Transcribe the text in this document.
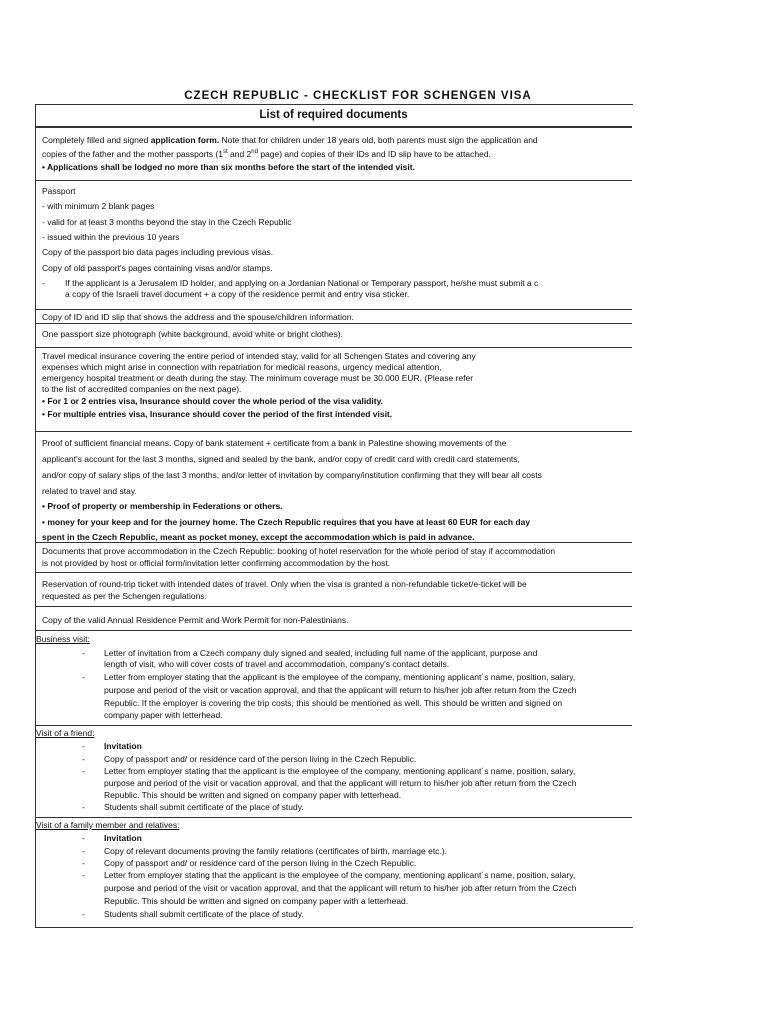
CZECH REPUBLIC - CHECKLIST FOR SCHENGEN VISA
List of required documents
Completely filled and signed application form. Note that for children under 18 years old, both parents must sign the application and
copies of the father and the mother passports (1st and 2nd page) and copies of their IDs and ID slip have to be attached.
• Applications shall be lodged no more than six months before the start of the intended visit.
Passport
- with minimum 2 blank pages
- valid for at least 3 months beyond the stay in the Czech Republic
- issued within the previous 10 years
Copy of the passport bio data pages including previous visas.
Copy of old passport's pages containing visas and/or stamps.
- If the applicant is a Jerusalem ID holder, and applying on a Jordanian National or Temporary passport, he/she must submit a c
a copy of the Israeli travel document + a copy of the residence permit and entry visa sticker.
Copy of ID and ID slip that shows the address and the spouse/children information.
One passport size photograph (white background, avoid white or bright clothes).
Travel medical insurance covering the entire period of intended stay, valid for all Schengen States and covering any
expenses which might arise in connection with repatriation for medical reasons, urgency medical attention,
emergency hospital treatment or death during the stay. The minimum coverage must be 30.000 EUR. (Please refer
to the list of accredited companies on the next page).
• For 1 or 2 entries visa, Insurance should cover the whole period of the visa validity.
• For multiple entries visa, Insurance should cover the period of the first intended visit.
Proof of sufficient financial means. Copy of bank statement + certificate from a bank in Palestine showing movements of the
applicant's account for the last 3 months, signed and sealed by the bank, and/or copy of credit card with credit card statements,
and/or copy of salary slips of the last 3 months, and/or letter of invitation by company/institution confirming that they will bear all costs
related to travel and stay.
• Proof of property or membership in Federations or others.
• money for your keep and for the journey home. The Czech Republic requires that you have at least 60 EUR for each day
spent in the Czech Republic, meant as pocket money, except the accommodation which is paid in advance.
Documents that prove accommodation in the Czech Republic: booking of hotel reservation for the whole period of stay if accommodation
is not provided by host or official form/invitation letter confirming accommodation by the host.
Reservation of round-trip ticket with intended dates of travel. Only when the visa is granted a non-refundable ticket/e-ticket will be
requested as per the Schengen regulations.
Copy of the valid Annual Residence Permit and Work Permit for non-Palestinians.
Business visit:
- Letter of invitation from a Czech company duly signed and sealed, including full name of the applicant, purpose and
length of visit, who will cover costs of travel and accommodation, company's contact details.
- Letter from employer stating that the applicant is the employee of the company, mentioning applicant´s name, position, salary,
purpose and period of the visit or vacation approval, and that the applicant will return to his/her job after return from the Czech
Republic. If the employer is covering the trip costs, this should be mentioned as well. This should be written and signed on
company paper with letterhead.
Visit of a friend:
- Invitation
- Copy of passport and/ or residence card of the person living in the Czech Republic.
- Letter from employer stating that the applicant is the employee of the company, mentioning applicant´s name, position, salary,
purpose and period of the visit or vacation approval, and that the applicant will return to his/her job after return from the Czech
Republic. This should be written and signed on company paper with letterhead.
- Students shall submit certificate of the place of study.
Visit of a family member and relatives:
- Invitation
- Copy of relevant documents proving the family relations (certificates of birth, marriage etc.).
- Copy of passport and/ or residence card of the person living in the Czech Republic.
- Letter from employer stating that the applicant is the employee of the company, mentioning applicant´s name, position, salary,
purpose and period of the visit or vacation approval, and that the applicant will return to his/her job after return from the Czech
Republic. This should be written and signed on company paper with a letterhead.
- Students shall submit certificate of the place of study.
